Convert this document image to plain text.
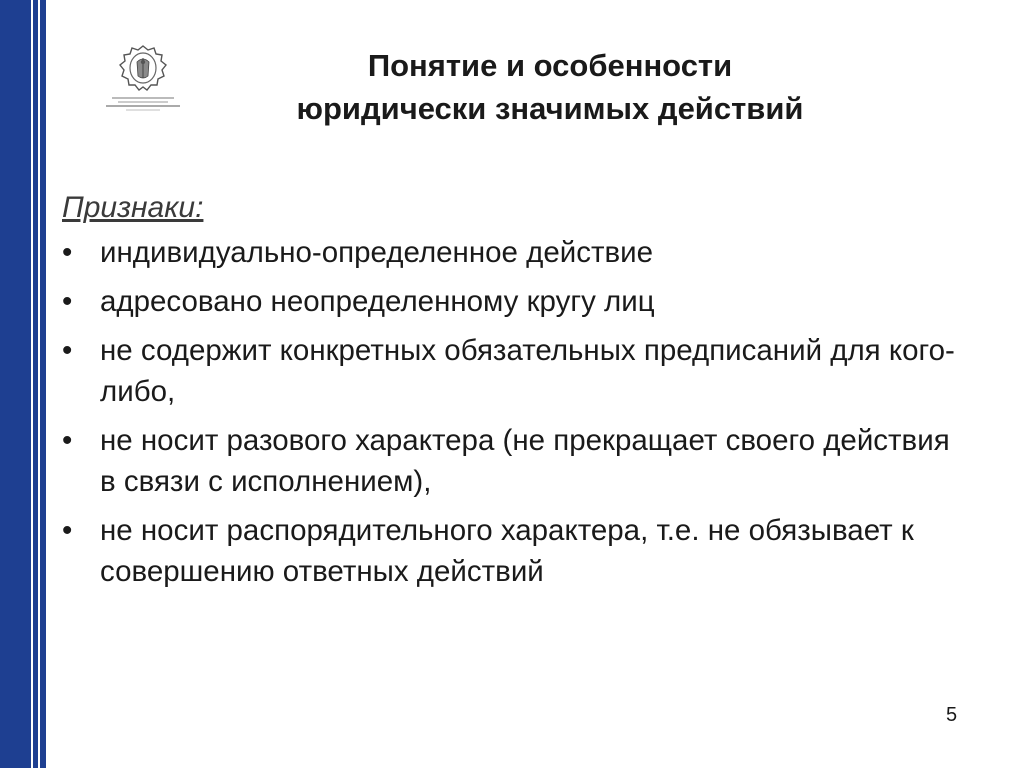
Понятие и особенности
юридически значимых действий
Признаки:
• индивидуально-определенное действие
• адресовано неопределенному кругу лиц
• не содержит конкретных обязательных предписаний для кого-либо,
• не носит разового характера (не прекращает своего действия в связи с исполнением),
• не носит распорядительного характера, т.е. не обязывает к совершению ответных действий
5
